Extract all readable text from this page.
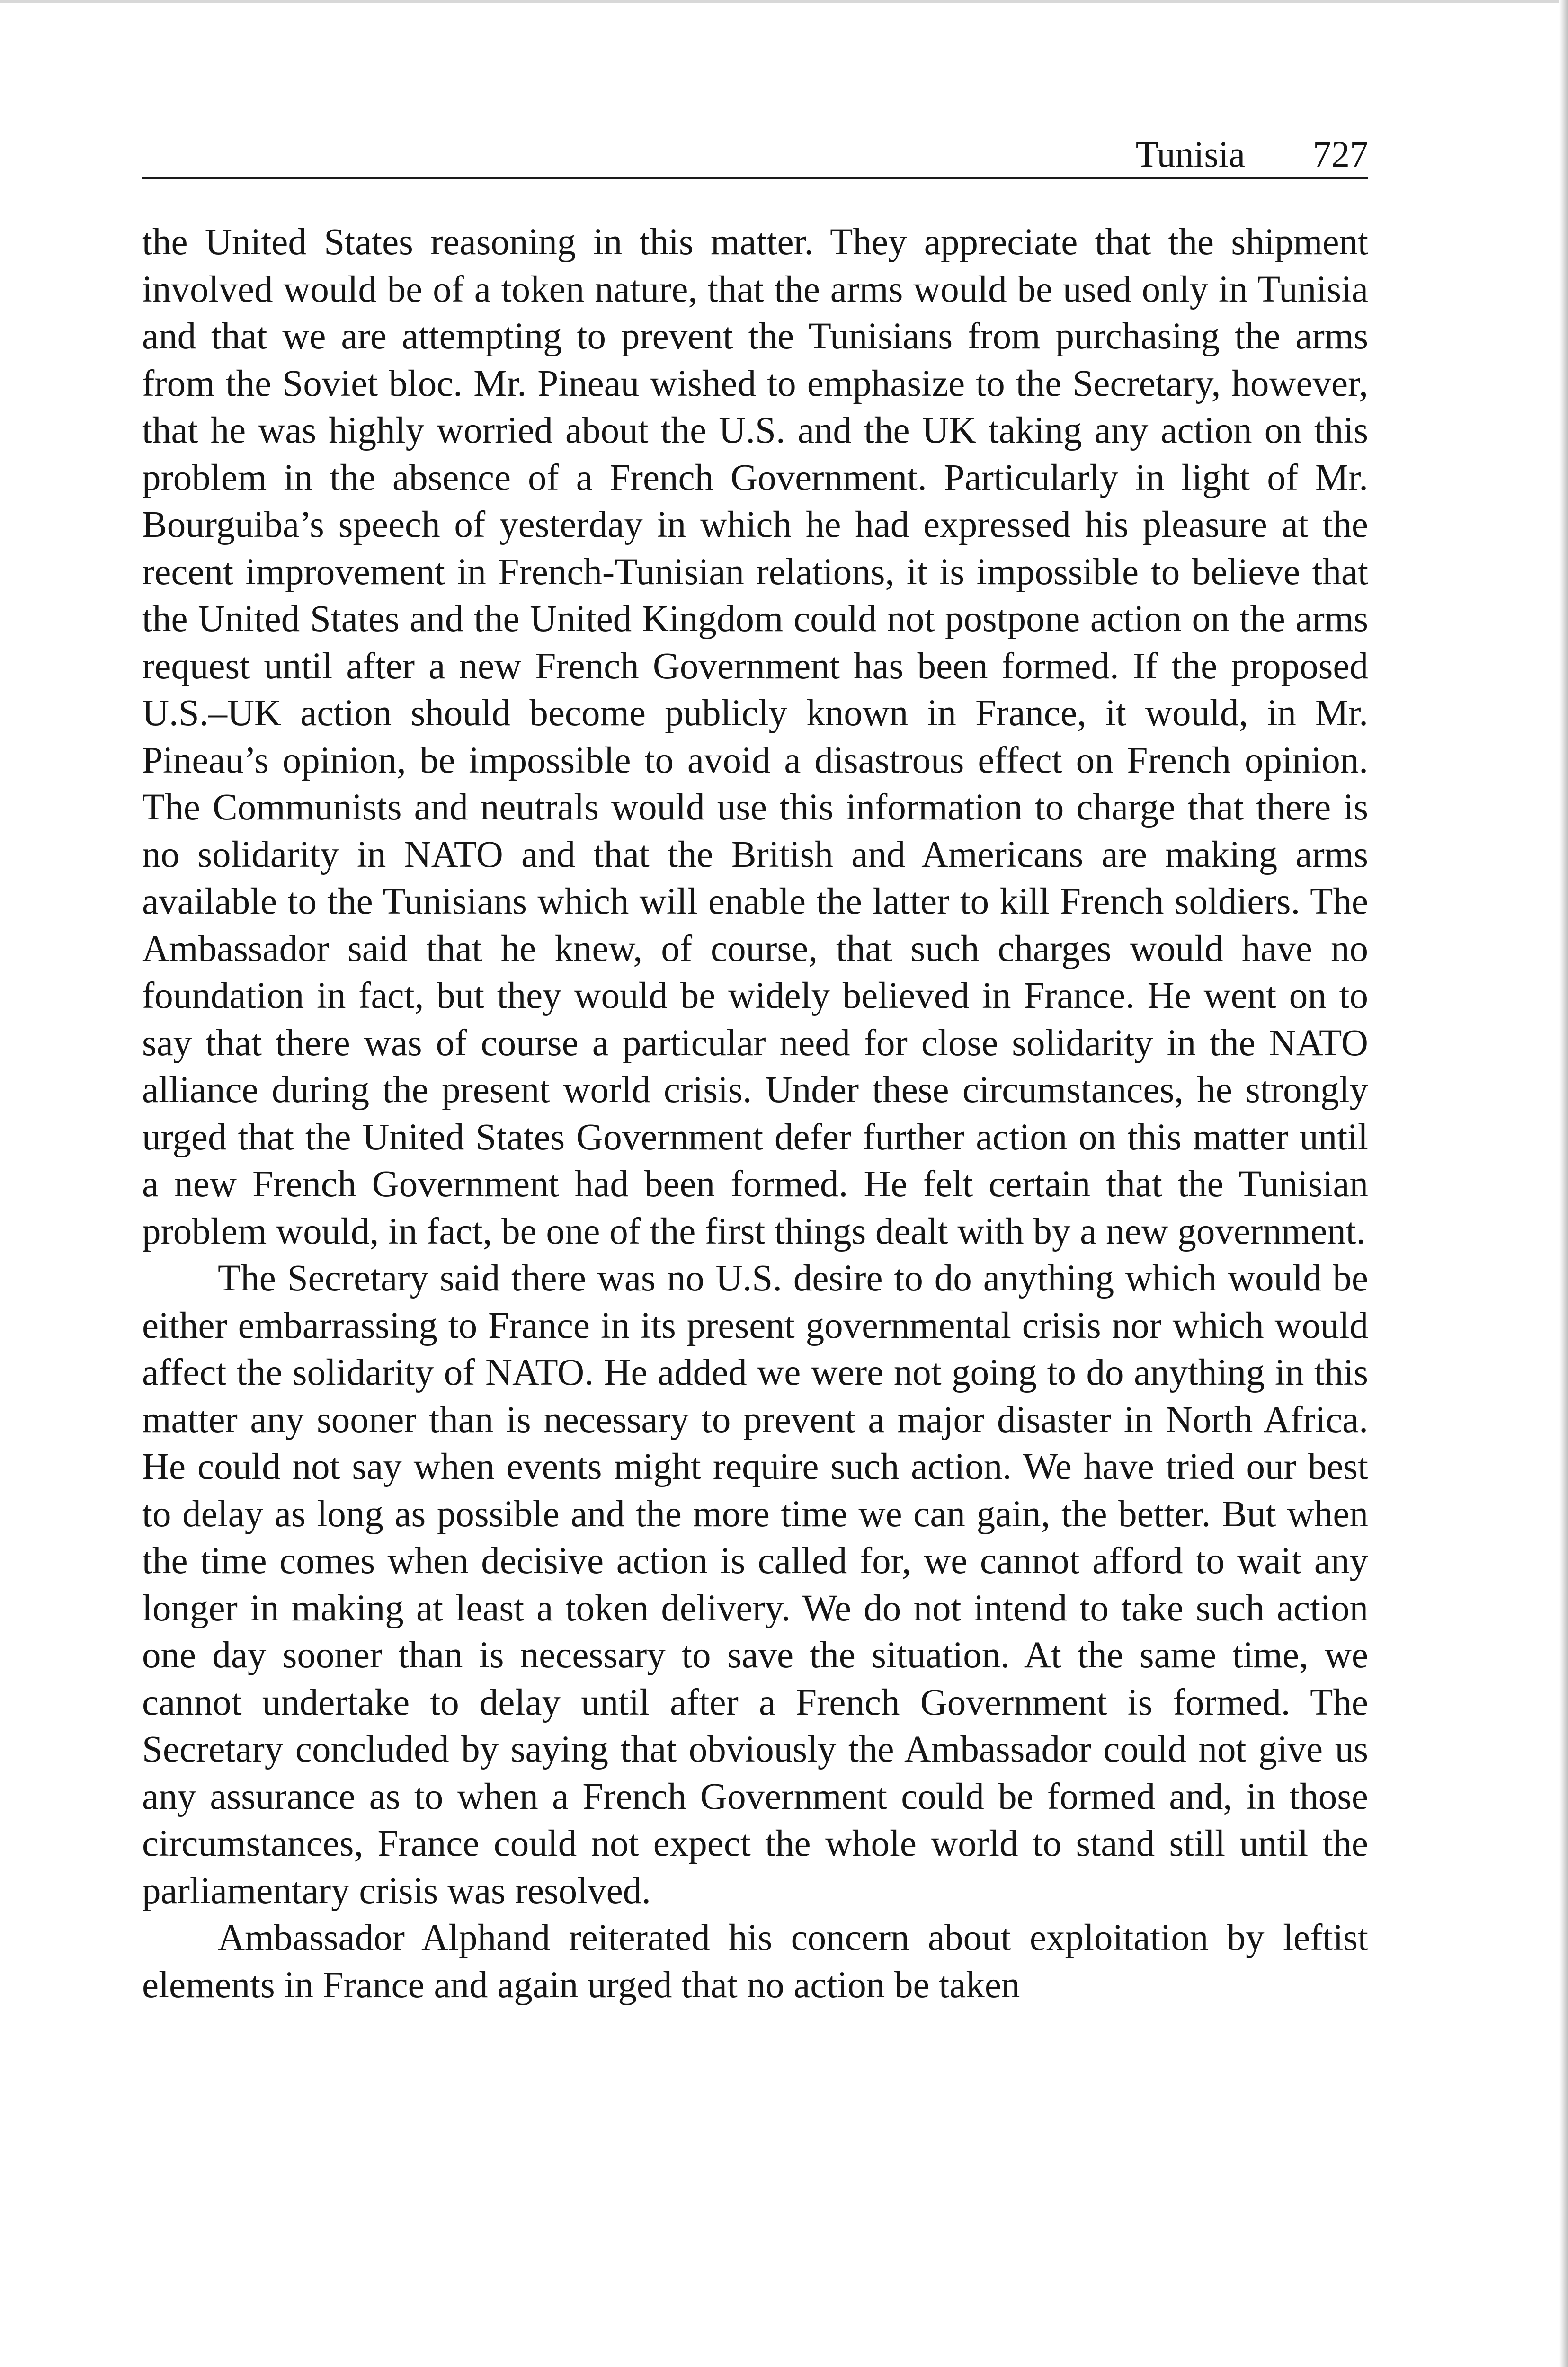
Tunisia 727

the United States reasoning in this matter. They appreciate that the shipment involved would be of a token nature, that the arms would be used only in Tunisia and that we are attempting to prevent the Tunisians from purchasing the arms from the Soviet bloc. Mr. Pineau wished to emphasize to the Secretary, however, that he was highly worried about the U.S. and the UK taking any action on this problem in the absence of a French Government. Particularly in light of Mr. Bourguiba’s speech of yesterday in which he had expressed his pleasure at the recent improvement in French-Tunisian relations, it is impossible to believe that the United States and the United Kingdom could not postpone action on the arms request until after a new French Government has been formed. If the proposed U.S.–UK action should become publicly known in France, it would, in Mr. Pineau’s opinion, be impossible to avoid a disastrous effect on French opinion. The Communists and neutrals would use this information to charge that there is no solidarity in NATO and that the British and Americans are making arms available to the Tunisians which will enable the latter to kill French soldiers. The Ambassador said that he knew, of course, that such charges would have no foundation in fact, but they would be widely believed in France. He went on to say that there was of course a particular need for close solidarity in the NATO alliance during the present world crisis. Under these circumstances, he strongly urged that the United States Government defer further action on this matter until a new French Government had been formed. He felt certain that the Tunisian problem would, in fact, be one of the first things dealt with by a new government.

The Secretary said there was no U.S. desire to do anything which would be either embarrassing to France in its present governmental crisis nor which would affect the solidarity of NATO. He added we were not going to do anything in this matter any sooner than is necessary to prevent a major disaster in North Africa. He could not say when events might require such action. We have tried our best to delay as long as possible and the more time we can gain, the better. But when the time comes when decisive action is called for, we cannot afford to wait any longer in making at least a token delivery. We do not intend to take such action one day sooner than is necessary to save the situation. At the same time, we cannot undertake to delay until after a French Government is formed. The Secretary concluded by saying that obviously the Ambassador could not give us any assurance as to when a French Government could be formed and, in those circumstances, France could not expect the whole world to stand still until the parliamentary crisis was resolved.

Ambassador Alphand reiterated his concern about exploitation by leftist elements in France and again urged that no action be taken
